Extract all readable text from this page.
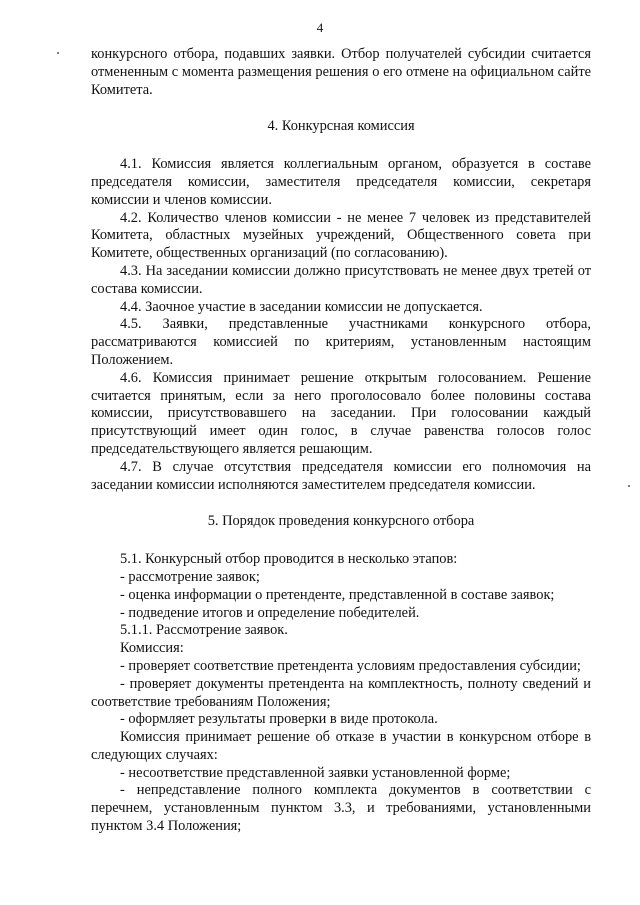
4

конкурсного отбора, подавших заявки. Отбор получателей субсидии считается отмененным с момента размещения решения о его отмене на официальном сайте Комитета.

4. Конкурсная комиссия

4.1. Комиссия является коллегиальным органом, образуется в составе председателя комиссии, заместителя председателя комиссии, секретаря комиссии и членов комиссии.

4.2. Количество членов комиссии - не менее 7 человек из представителей Комитета, областных музейных учреждений, Общественного совета при Комитете, общественных организаций (по согласованию).

4.3. На заседании комиссии должно присутствовать не менее двух третей от состава комиссии.

4.4. Заочное участие в заседании комиссии не допускается.

4.5. Заявки, представленные участниками конкурсного отбора, рассматриваются комиссией по критериям, установленным настоящим Положением.

4.6. Комиссия принимает решение открытым голосованием. Решение считается принятым, если за него проголосовало более половины состава комиссии, присутствовавшего на заседании. При голосовании каждый присутствующий имеет один голос, в случае равенства голосов голос председательствующего является решающим.

4.7. В случае отсутствия председателя комиссии его полномочия на заседании комиссии исполняются заместителем председателя комиссии.

5. Порядок проведения конкурсного отбора

5.1. Конкурсный отбор проводится в несколько этапов:

- рассмотрение заявок;

- оценка информации о претенденте, представленной в составе заявок;

- подведение итогов и определение победителей.

5.1.1. Рассмотрение заявок.

Комиссия:

- проверяет соответствие претендента условиям предоставления субсидии;

- проверяет документы претендента на комплектность, полноту сведений и соответствие требованиям Положения;

- оформляет результаты проверки в виде протокола.

Комиссия принимает решение об отказе в участии в конкурсном отборе в следующих случаях:

- несоответствие представленной заявки установленной форме;

- непредставление полного комплекта документов в соответствии с перечнем, установленным пунктом 3.3, и требованиями, установленными пунктом 3.4 Положения;
